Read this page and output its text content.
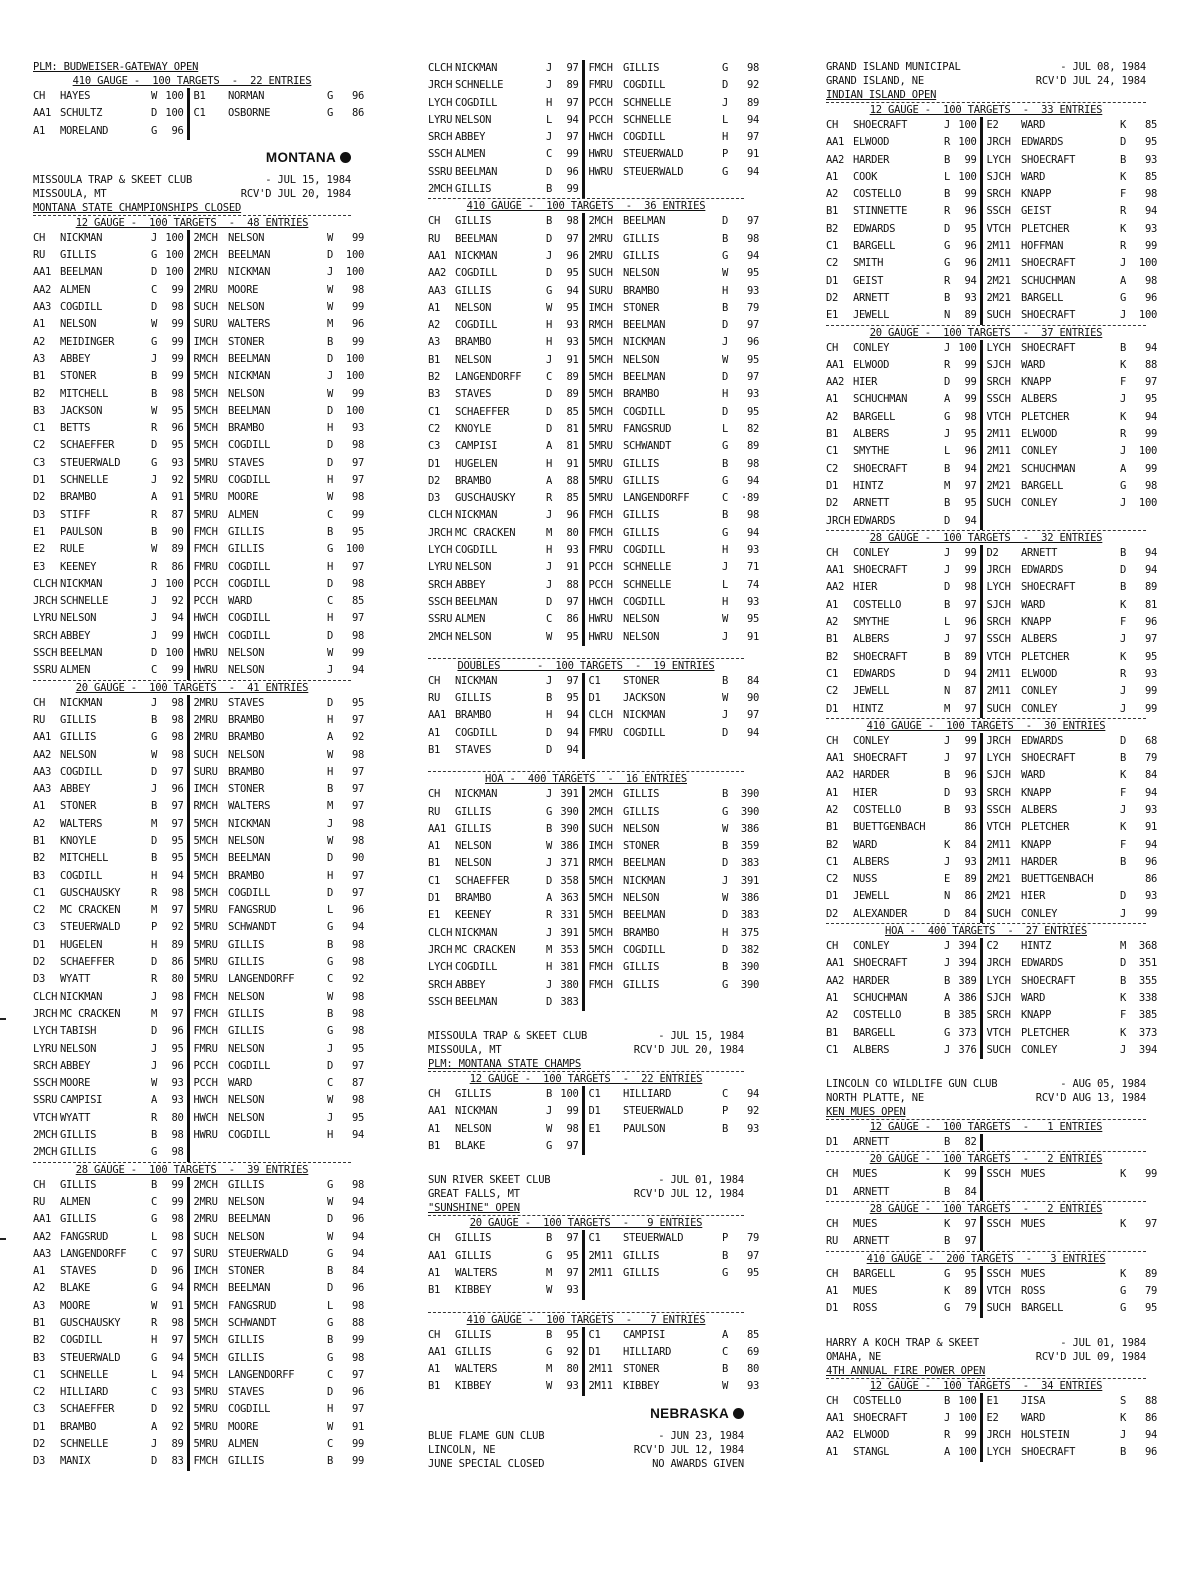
PLM: BUDWEISER-GATEWAY OPEN
410 GAUGE -  100 TARGETS  -  22 ENTRIES
CH	HAYES	W	100	B1	NORMAN	G	96
AA1	SCHULTZ	D	100	C1	OSBORNE	G	86
A1	MORELAND	G	96				
MONTANA
MISSOULA TRAP & SKEET CLUB	- JUL 15, 1984
MISSOULA, MT	RCV'D JUL 20, 1984
MONTANA STATE CHAMPIONSHIPS CLOSED
12 GAUGE -  100 TARGETS  -  48 ENTRIES
CH	NICKMAN	J	100	2MCH	NELSON	W	99
RU	GILLIS	G	100	2MCH	BEELMAN	D	100
AA1	BEELMAN	D	100	2MRU	NICKMAN	J	100
AA2	ALMEN	C	99	2MRU	MOORE	W	98
AA3	COGDILL	D	98	SUCH	NELSON	W	99
A1	NELSON	W	99	SURU	WALTERS	M	96
A2	MEIDINGER	G	99	IMCH	STONER	B	99
A3	ABBEY	J	99	RMCH	BEELMAN	D	100
B1	STONER	B	99	5MCH	NICKMAN	J	100
B2	MITCHELL	B	98	5MCH	NELSON	W	99
B3	JACKSON	W	95	5MCH	BEELMAN	D	100
C1	BETTS	R	96	5MCH	BRAMBO	H	93
C2	SCHAEFFER	D	95	5MCH	COGDILL	D	98
C3	STEUERWALD	G	93	5MRU	STAVES	D	97
D1	SCHNELLE	J	92	5MRU	COGDILL	H	97
D2	BRAMBO	A	91	5MRU	MOORE	W	98
D3	STIFF	R	87	5MRU	ALMEN	C	99
E1	PAULSON	B	90	FMCH	GILLIS	B	95
E2	RULE	W	89	FMCH	GILLIS	G	100
E3	KEENEY	R	86	FMRU	COGDILL	H	97
CLCH	NICKMAN	J	100	PCCH	COGDILL	D	98
JRCH	SCHNELLE	J	92	PCCH	WARD	C	85
LYRU	NELSON	J	94	HWCH	COGDILL	H	97
SRCH	ABBEY	J	99	HWCH	COGDILL	D	98
SSCH	BEELMAN	D	100	HWRU	NELSON	W	99
SSRU	ALMEN	C	99	HWRU	NELSON	J	94
20 GAUGE -  100 TARGETS  -  41 ENTRIES
CH	NICKMAN	J	98	2MRU	STAVES	D	95
RU	GILLIS	B	98	2MRU	BRAMBO	H	97
AA1	GILLIS	G	98	2MRU	BRAMBO	A	92
AA2	NELSON	W	98	SUCH	NELSON	W	98
AA3	COGDILL	D	97	SURU	BRAMBO	H	97
AA3	ABBEY	J	96	IMCH	STONER	B	97
A1	STONER	B	97	RMCH	WALTERS	M	97
A2	WALTERS	M	97	5MCH	NICKMAN	J	98
B1	KNOYLE	D	95	5MCH	NELSON	W	98
B2	MITCHELL	B	95	5MCH	BEELMAN	D	90
B3	COGDILL	H	94	5MCH	BRAMBO	H	97
C1	GUSCHAUSKY	R	98	5MCH	COGDILL	D	97
C2	MC CRACKEN	M	97	5MRU	FANGSRUD	L	96
C3	STEUERWALD	P	92	5MRU	SCHWANDT	G	94
D1	HUGELEN	H	89	5MRU	GILLIS	B	98
D2	SCHAEFFER	D	86	5MRU	GILLIS	G	98
D3	WYATT	R	80	5MRU	LANGENDORFF	C	92
CLCH	NICKMAN	J	98	FMCH	NELSON	W	98
JRCH	MC CRACKEN	M	97	FMCH	GILLIS	B	98
LYCH	TABISH	D	96	FMCH	GILLIS	G	98
LYRU	NELSON	J	95	FMRU	NELSON	J	95
SRCH	ABBEY	J	96	PCCH	COGDILL	D	97
SSCH	MOORE	W	93	PCCH	WARD	C	87
SSRU	CAMPISI	A	93	HWCH	NELSON	W	98
VTCH	WYATT	R	80	HWCH	NELSON	J	95
2MCH	GILLIS	B	98	HWRU	COGDILL	H	94
2MCH	GILLIS	G	98				
28 GAUGE -  100 TARGETS  -  39 ENTRIES
CH	GILLIS	B	99	2MCH	GILLIS	G	98
RU	ALMEN	C	99	2MRU	NELSON	W	94
AA1	GILLIS	G	98	2MRU	BEELMAN	D	96
AA2	FANGSRUD	L	98	SUCH	NELSON	W	94
AA3	LANGENDORFF	C	97	SURU	STEUERWALD	G	94
A1	STAVES	D	96	IMCH	STONER	B	84
A2	BLAKE	G	94	RMCH	BEELMAN	D	96
A3	MOORE	W	91	5MCH	FANGSRUD	L	98
B1	GUSCHAUSKY	R	98	5MCH	SCHWANDT	G	88
B2	COGDILL	H	97	5MCH	GILLIS	B	99
B3	STEUERWALD	G	94	5MCH	GILLIS	G	98
C1	SCHNELLE	L	94	5MCH	LANGENDORFF	C	97
C2	HILLIARD	C	93	5MRU	STAVES	D	96
C3	SCHAEFFER	D	92	5MRU	COGDILL	H	97
D1	BRAMBO	A	92	5MRU	MOORE	W	91
D2	SCHNELLE	J	89	5MRU	ALMEN	C	99
D3	MANIX	D	83	FMCH	GILLIS	B	99
CLCH	NICKMAN	J	97	FMCH	GILLIS	G	98
JRCH	SCHNELLE	J	89	FMRU	COGDILL	D	92
LYCH	COGDILL	H	97	PCCH	SCHNELLE	J	89
LYRU	NELSON	L	94	PCCH	SCHNELLE	L	94
SRCH	ABBEY	J	97	HWCH	COGDILL	H	97
SSCH	ALMEN	C	99	HWRU	STEUERWALD	P	91
SSRU	BEELMAN	D	96	HWRU	STEUERWALD	G	94
2MCH	GILLIS	B	99				
410 GAUGE -  100 TARGETS  -  36 ENTRIES
CH	GILLIS	B	98	2MCH	BEELMAN	D	97
RU	BEELMAN	D	97	2MRU	GILLIS	B	98
AA1	NICKMAN	J	96	2MRU	GILLIS	G	94
AA2	COGDILL	D	95	SUCH	NELSON	W	95
AA3	GILLIS	G	94	SURU	BRAMBO	H	93
A1	NELSON	W	95	IMCH	STONER	B	79
A2	COGDILL	H	93	RMCH	BEELMAN	D	97
A3	BRAMBO	H	93	5MCH	NICKMAN	J	96
B1	NELSON	J	91	5MCH	NELSON	W	95
B2	LANGENDORFF	C	89	5MCH	BEELMAN	D	97
B3	STAVES	D	89	5MCH	BRAMBO	H	93
C1	SCHAEFFER	D	85	5MCH	COGDILL	D	95
C2	KNOYLE	D	81	5MRU	FANGSRUD	L	82
C3	CAMPISI	A	81	5MRU	SCHWANDT	G	89
D1	HUGELEN	H	91	5MRU	GILLIS	B	98
D2	BRAMBO	A	88	5MRU	GILLIS	G	94
D3	GUSCHAUSKY	R	85	5MRU	LANGENDORFF	C	·89
CLCH	NICKMAN	J	96	FMCH	GILLIS	B	98
JRCH	MC CRACKEN	M	80	FMCH	GILLIS	G	94
LYCH	COGDILL	H	93	FMRU	COGDILL	H	93
LYRU	NELSON	J	91	PCCH	SCHNELLE	J	71
SRCH	ABBEY	J	88	PCCH	SCHNELLE	L	74
SSCH	BEELMAN	D	97	HWCH	COGDILL	H	93
SSRU	ALMEN	C	86	HWRU	NELSON	W	95
2MCH	NELSON	W	95	HWRU	NELSON	J	91
DOUBLES      -  100 TARGETS  -  19 ENTRIES
CH	NICKMAN	J	97	C1	STONER	B	84
RU	GILLIS	B	95	D1	JACKSON	W	90
AA1	BRAMBO	H	94	CLCH	NICKMAN	J	97
A1	COGDILL	D	94	FMRU	COGDILL	D	94
B1	STAVES	D	94				
HOA -  400 TARGETS  -  16 ENTRIES
CH	NICKMAN	J	391	2MCH	GILLIS	B	390
RU	GILLIS	G	390	2MCH	GILLIS	G	390
AA1	GILLIS	B	390	SUCH	NELSON	W	386
A1	NELSON	W	386	IMCH	STONER	B	359
B1	NELSON	J	371	RMCH	BEELMAN	D	383
C1	SCHAEFFER	D	358	5MCH	NICKMAN	J	391
D1	BRAMBO	A	363	5MCH	NELSON	W	386
E1	KEENEY	R	331	5MCH	BEELMAN	D	383
CLCH	NICKMAN	J	391	5MCH	BRAMBO	H	375
JRCH	MC CRACKEN	M	353	5MCH	COGDILL	D	382
LYCH	COGDILL	H	381	FMCH	GILLIS	B	390
SRCH	ABBEY	J	380	FMCH	GILLIS	G	390
SSCH	BEELMAN	D	383				
MISSOULA TRAP & SKEET CLUB	- JUL 15, 1984
MISSOULA, MT	RCV'D JUL 20, 1984
PLM: MONTANA STATE CHAMPS
12 GAUGE -  100 TARGETS  -  22 ENTRIES
CH	GILLIS	B	100	C1	HILLIARD	C	94
AA1	NICKMAN	J	99	D1	STEUERWALD	P	92
A1	NELSON	W	98	E1	PAULSON	B	93
B1	BLAKE	G	97				
SUN RIVER SKEET CLUB	- JUL 01, 1984
GREAT FALLS, MT	RCV'D JUL 12, 1984
"SUNSHINE" OPEN
20 GAUGE -  100 TARGETS  -   9 ENTRIES
CH	GILLIS	B	97	C1	STEUERWALD	P	79
AA1	GILLIS	G	95	2M11	GILLIS	B	97
A1	WALTERS	M	97	2M11	GILLIS	G	95
B1	KIBBEY	W	93				
410 GAUGE -  100 TARGETS  -   7 ENTRIES
CH	GILLIS	B	95	C1	CAMPISI	A	85
AA1	GILLIS	G	92	D1	HILLIARD	C	69
A1	WALTERS	M	80	2M11	STONER	B	80
B1	KIBBEY	W	93	2M11	KIBBEY	W	93
NEBRASKA
BLUE FLAME GUN CLUB	- JUN 23, 1984
LINCOLN, NE	RCV'D JUL 12, 1984
JUNE SPECIAL CLOSED	NO AWARDS GIVEN
GRAND ISLAND MUNICIPAL	- JUL 08, 1984
GRAND ISLAND, NE	RCV'D JUL 24, 1984
INDIAN ISLAND OPEN
12 GAUGE -  100 TARGETS  -  33 ENTRIES
CH	SHOECRAFT	J	100	E2	WARD	K	85
AA1	ELWOOD	R	100	JRCH	EDWARDS	D	95
AA2	HARDER	B	99	LYCH	SHOECRAFT	B	93
A1	COOK	L	100	SJCH	WARD	K	85
A2	COSTELLO	B	99	SRCH	KNAPP	F	98
B1	STINNETTE	R	96	SSCH	GEIST	R	94
B2	EDWARDS	D	95	VTCH	PLETCHER	K	93
C1	BARGELL	G	96	2M11	HOFFMAN	R	99
C2	SMITH	G	96	2M11	SHOECRAFT	J	100
D1	GEIST	R	94	2M21	SCHUCHMAN	A	98
D2	ARNETT	B	93	2M21	BARGELL	G	96
E1	JEWELL	N	89	SUCH	SHOECRAFT	J	100
20 GAUGE -  100 TARGETS  -  37 ENTRIES
CH	CONLEY	J	100	LYCH	SHOECRAFT	B	94
AA1	ELWOOD	R	99	SJCH	WARD	K	88
AA2	HIER	D	99	SRCH	KNAPP	F	97
A1	SCHUCHMAN	A	99	SSCH	ALBERS	J	95
A2	BARGELL	G	98	VTCH	PLETCHER	K	94
B1	ALBERS	J	95	2M11	ELWOOD	R	99
C1	SMYTHE	L	96	2M11	CONLEY	J	100
C2	SHOECRAFT	B	94	2M21	SCHUCHMAN	A	99
D1	HINTZ	M	97	2M21	BARGELL	G	98
D2	ARNETT	B	95	SUCH	CONLEY	J	100
JRCH	EDWARDS	D	94				
28 GAUGE -  100 TARGETS  -  32 ENTRIES
CH	CONLEY	J	99	D2	ARNETT	B	94
AA1	SHOECRAFT	J	99	JRCH	EDWARDS	D	94
AA2	HIER	D	98	LYCH	SHOECRAFT	B	89
A1	COSTELLO	B	97	SJCH	WARD	K	81
A2	SMYTHE	L	96	SRCH	KNAPP	F	96
B1	ALBERS	J	97	SSCH	ALBERS	J	97
B2	SHOECRAFT	B	89	VTCH	PLETCHER	K	95
C1	EDWARDS	D	94	2M11	ELWOOD	R	93
C2	JEWELL	N	87	2M11	CONLEY	J	99
D1	HINTZ	M	97	SUCH	CONLEY	J	99
410 GAUGE -  100 TARGETS  -  30 ENTRIES
CH	CONLEY	J	99	JRCH	EDWARDS	D	68
AA1	SHOECRAFT	J	97	LYCH	SHOECRAFT	B	79
AA2	HARDER	B	96	SJCH	WARD	K	84
A1	HIER	D	93	SRCH	KNAPP	F	94
A2	COSTELLO	B	93	SSCH	ALBERS	J	93
B1	BUETTGENBACH		86	VTCH	PLETCHER	K	91
B2	WARD	K	84	2M11	KNAPP	F	94
C1	ALBERS	J	93	2M11	HARDER	B	96
C2	NUSS	E	89	2M21	BUETTGENBACH		86
D1	JEWELL	N	86	2M21	HIER	D	93
D2	ALEXANDER	D	84	SUCH	CONLEY	J	99
HOA -  400 TARGETS  -  27 ENTRIES
CH	CONLEY	J	394	C2	HINTZ	M	368
AA1	SHOECRAFT	J	394	JRCH	EDWARDS	D	351
AA2	HARDER	B	389	LYCH	SHOECRAFT	B	355
A1	SCHUCHMAN	A	386	SJCH	WARD	K	338
A2	COSTELLO	B	385	SRCH	KNAPP	F	385
B1	BARGELL	G	373	VTCH	PLETCHER	K	373
C1	ALBERS	J	376	SUCH	CONLEY	J	394
LINCOLN CO WILDLIFE GUN CLUB	- AUG 05, 1984
NORTH PLATTE, NE	RCV'D AUG 13, 1984
KEN MUES OPEN
12 GAUGE -  100 TARGETS  -   1 ENTRIES
D1	ARNETT	B	82				
20 GAUGE -  100 TARGETS  -   2 ENTRIES
CH	MUES	K	99	SSCH	MUES	K	99
D1	ARNETT	B	84				
28 GAUGE -  100 TARGETS  -   2 ENTRIES
CH	MUES	K	97	SSCH	MUES	K	97
RU	ARNETT	B	97				
410 GAUGE -  200 TARGETS  -   3 ENTRIES
CH	BARGELL	G	95	SSCH	MUES	K	89
A1	MUES	K	89	VTCH	ROSS	G	79
D1	ROSS	G	79	SUCH	BARGELL	G	95
HARRY A KOCH TRAP & SKEET	- JUL 01, 1984
OMAHA, NE	RCV'D JUL 09, 1984
4TH ANNUAL FIRE POWER OPEN
12 GAUGE -  100 TARGETS  -  34 ENTRIES
CH	COSTELLO	B	100	E1	JISA	S	88
AA1	SHOECRAFT	J	100	E2	WARD	K	86
AA2	ELWOOD	R	99	JRCH	HOLSTEIN	J	94
A1	STANGL	A	100	LYCH	SHOECRAFT	B	96
